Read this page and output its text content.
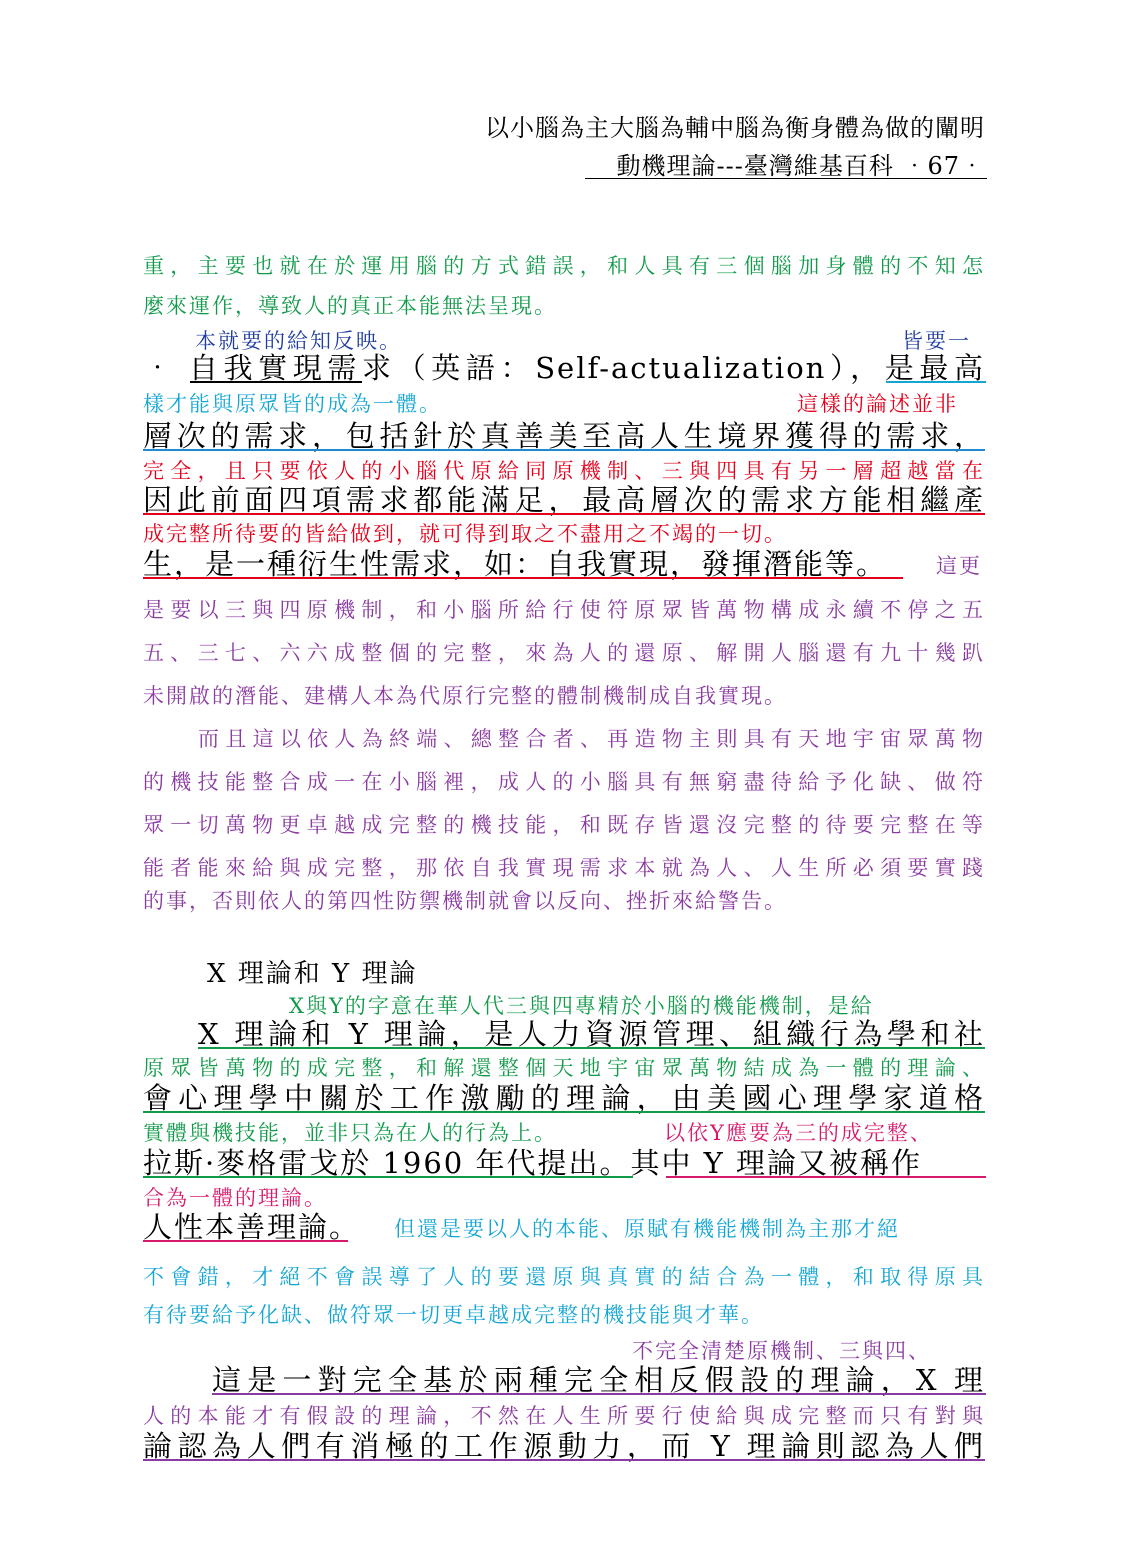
以小腦為主大腦為輔中腦為衡身體為做的闡明
動機理論---臺灣維基百科 ‧67‧
重，主要也就在於運用腦的方式錯誤，和人具有三個腦加身體的不知怎
麼來運作，導致人的真正本能無法呈現。
本就要的給知反映。	皆要一
‧ 自我實現需求（英語：Self-actualization），是最高
樣才能與原眾皆的成為一體。	這樣的論述並非
層次的需求，包括針於真善美至高人生境界獲得的需求，
完全，且只要依人的小腦代原給同原機制、三與四具有另一層超越當在
因此前面四項需求都能滿足，最高層次的需求方能相繼產
成完整所待要的皆給做到，就可得到取之不盡用之不竭的一切。
生，是一種衍生性需求，如：自我實現，發揮潛能等。 這更
是要以三與四原機制，和小腦所給行使符原眾皆萬物構成永續不停之五
五、三七、六六成整個的完整，來為人的還原、解開人腦還有九十幾趴
未開啟的潛能、建構人本為代原行完整的體制機制成自我實現。
而且這以依人為終端、總整合者、再造物主則具有天地宇宙眾萬物
的機技能整合成一在小腦裡，成人的小腦具有無窮盡待給予化缺、做符
眾一切萬物更卓越成完整的機技能，和既存皆還沒完整的待要完整在等
能者能來給與成完整，那依自我實現需求本就為人、人生所必須要實踐
的事，否則依人的第四性防禦機制就會以反向、挫折來給警告。
X 理論和 Y 理論
X與Y的字意在華人代三與四專精於小腦的機能機制，是給
X 理論和 Y 理論，是人力資源管理、組織行為學和社
原眾皆萬物的成完整，和解還整個天地宇宙眾萬物結成為一體的理論、
會心理學中關於工作激勵的理論，由美國心理學家道格
實體與機技能，並非只為在人的行為上。	以依Y應要為三的成完整、
拉斯·麥格雷戈於 1960 年代提出。其中 Y 理論又被稱作
合為一體的理論。
人性本善理論。 但還是要以人的本能、原賦有機能機制為主那才絕
不會錯，才絕不會誤導了人的要還原與真實的結合為一體，和取得原具
有待要給予化缺、做符眾一切更卓越成完整的機技能與才華。
不完全清楚原機制、三與四、
這是一對完全基於兩種完全相反假設的理論，X 理
人的本能才有假設的理論，不然在人生所要行使給與成完整而只有對與
論認為人們有消極的工作源動力，而 Y 理論則認為人們
